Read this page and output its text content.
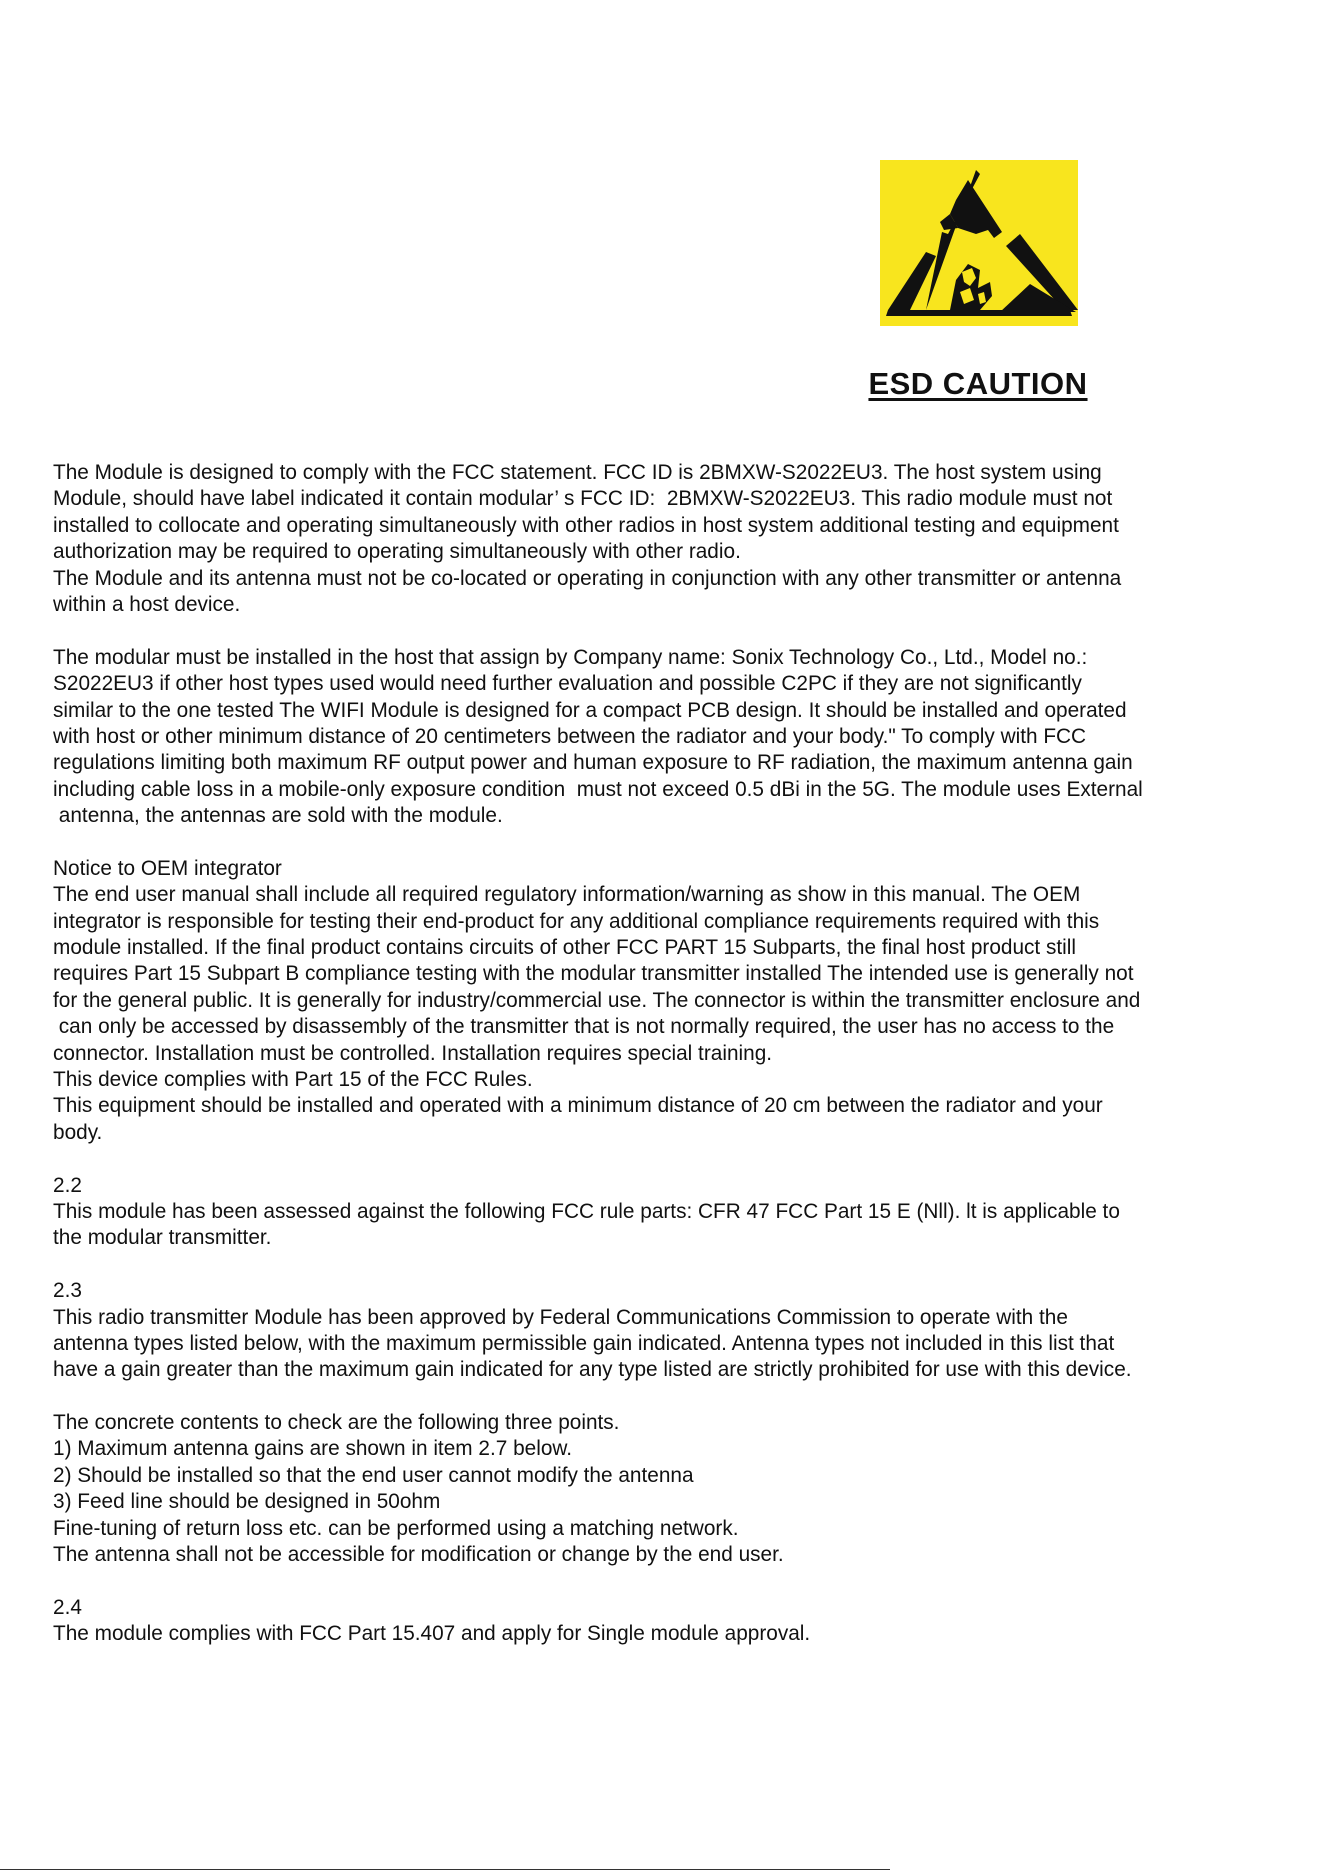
ESD CAUTION
The Module is designed to comply with the FCC statement. FCC ID is 2BMXW-S2022EU3. The host system using
Module, should have label indicated it contain modular’ s FCC ID:  2BMXW-S2022EU3. This radio module must not
installed to collocate and operating simultaneously with other radios in host system additional testing and equipment
authorization may be required to operating simultaneously with other radio.
The Module and its antenna must not be co-located or operating in conjunction with any other transmitter or antenna
within a host device.
The modular must be installed in the host that assign by Company name: Sonix Technology Co., Ltd., Model no.:
S2022EU3 if other host types used would need further evaluation and possible C2PC if they are not significantly
similar to the one tested The WIFI Module is designed for a compact PCB design. It should be installed and operated
with host or other minimum distance of 20 centimeters between the radiator and your body." To comply with FCC
regulations limiting both maximum RF output power and human exposure to RF radiation, the maximum antenna gain
including cable loss in a mobile-only exposure condition  must not exceed 0.5 dBi in the 5G. The module uses External
antenna, the antennas are sold with the module.
Notice to OEM integrator
The end user manual shall include all required regulatory information/warning as show in this manual. The OEM
integrator is responsible for testing their end-product for any additional compliance requirements required with this
module installed. If the final product contains circuits of other FCC PART 15 Subparts, the final host product still
requires Part 15 Subpart B compliance testing with the modular transmitter installed The intended use is generally not
for the general public. It is generally for industry/commercial use. The connector is within the transmitter enclosure and
can only be accessed by disassembly of the transmitter that is not normally required, the user has no access to the
connector. Installation must be controlled. Installation requires special training.
This device complies with Part 15 of the FCC Rules.
This equipment should be installed and operated with a minimum distance of 20 cm between the radiator and your
body.
2.2
This module has been assessed against the following FCC rule parts: CFR 47 FCC Part 15 E (Nll). lt is applicable to
the modular transmitter.
2.3
This radio transmitter Module has been approved by Federal Communications Commission to operate with the
antenna types listed below, with the maximum permissible gain indicated. Antenna types not included in this list that
have a gain greater than the maximum gain indicated for any type listed are strictly prohibited for use with this device.
The concrete contents to check are the following three points.
1) Maximum antenna gains are shown in item 2.7 below.
2) Should be installed so that the end user cannot modify the antenna
3) Feed line should be designed in 50ohm
Fine-tuning of return loss etc. can be performed using a matching network.
The antenna shall not be accessible for modification or change by the end user.
2.4
The module complies with FCC Part 15.407 and apply for Single module approval.
